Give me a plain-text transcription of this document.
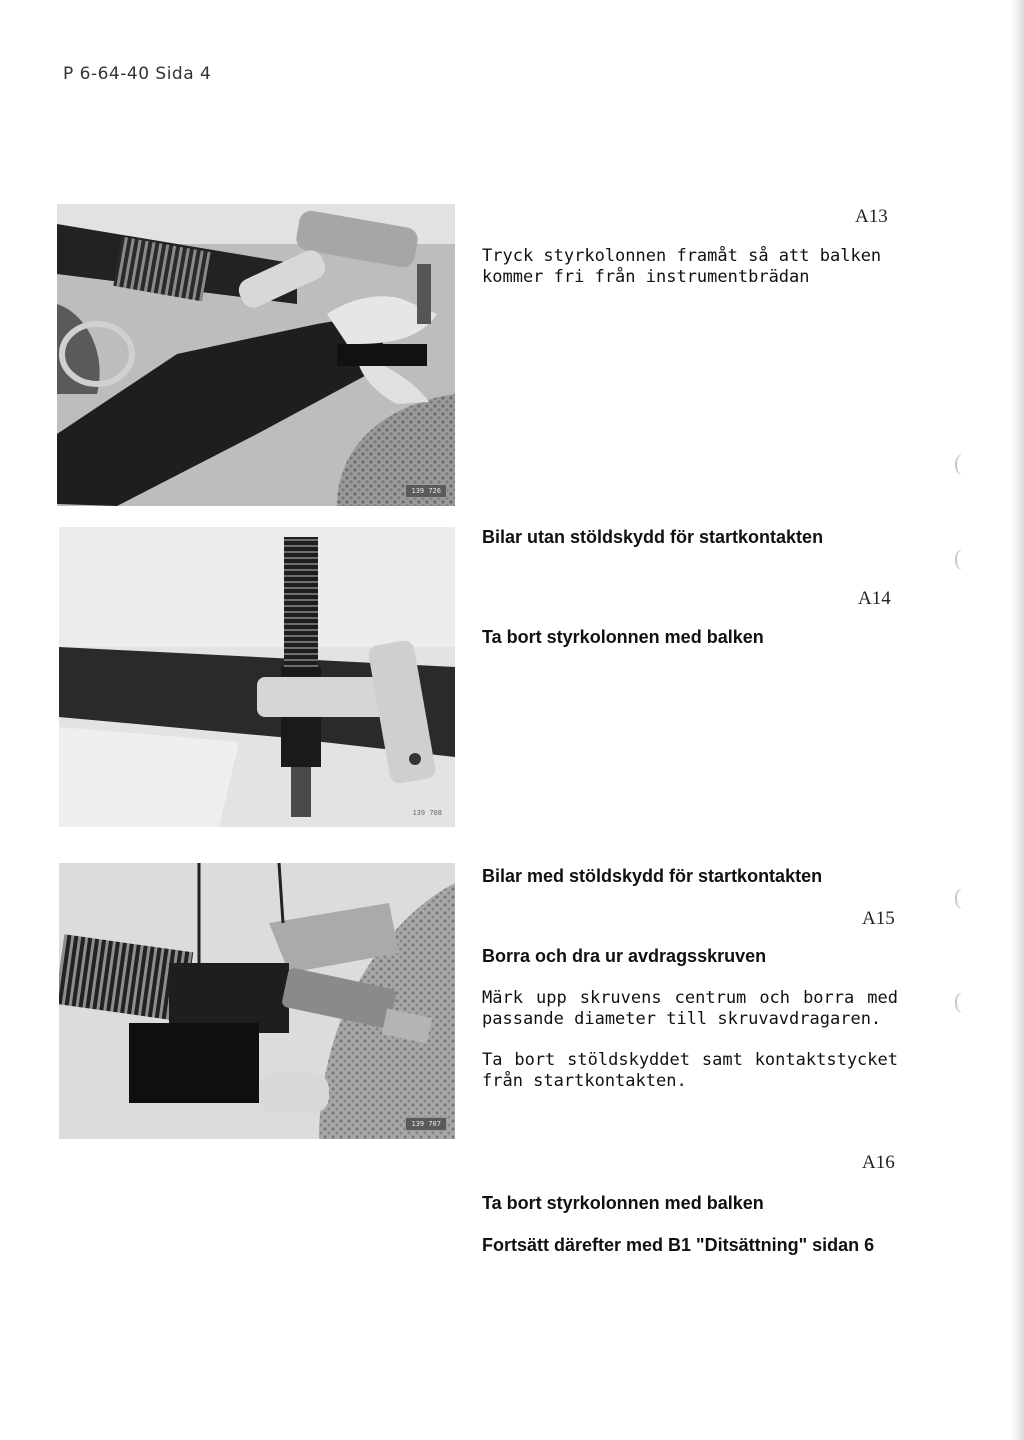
P 6-64-40 Sida 4
139 726
A13
Tryck styrkolonnen framåt så att balken kommer fri från instrumentbrädan
139 708
Bilar utan stöldskydd för startkontakten
A14
Ta bort styrkolonnen med balken
139 707
Bilar med stöldskydd för startkontakten
A15
Borra och dra ur avdragsskruven
Märk upp skruvens centrum och borra med passande diameter till skruvavdragaren.
Ta bort stöldskyddet samt kontaktstycket från startkontakten.
A16
Ta bort styrkolonnen med balken
Fortsätt därefter med B1 "Ditsättning" sidan 6
(
(
(
(
